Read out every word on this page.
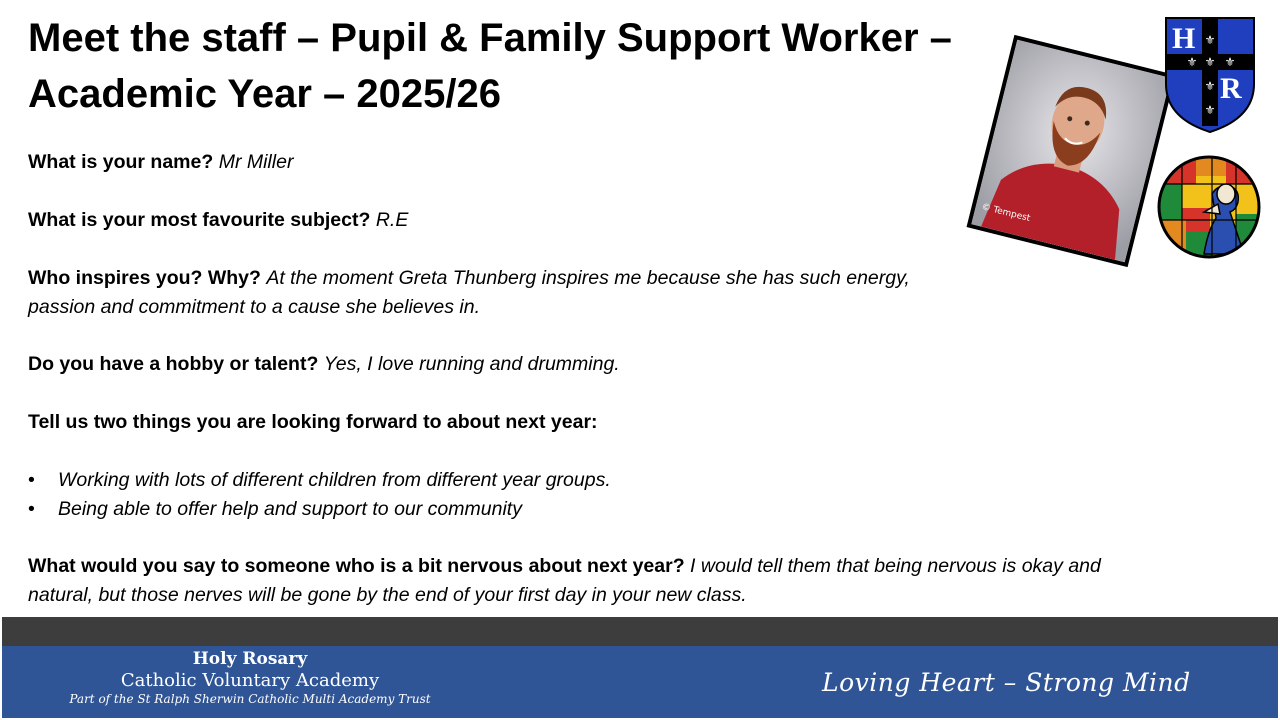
Meet the staff – Pupil & Family Support Worker –
Academic Year – 2025/26

What is your name? Mr Miller

What is your most favourite subject? R.E

Who inspires you? Why? At the moment Greta Thunberg inspires me because she has such energy,
passion and commitment to a cause she believes in.

Do you have a hobby or talent? Yes, I love running and drumming.

Tell us two things you are looking forward to about next year:

• Working with lots of different children from different year groups.
• Being able to offer help and support to our community

What would you say to someone who is a bit nervous about next year? I would tell them that being nervous is okay and
natural, but those nerves will be gone by the end of your first day in your new class.

© Tempest
⚜
⚜
⚜ ⚜
⚜
⚜
H
R
Holy Rosary
Catholic Voluntary Academy
Part of the St Ralph Sherwin Catholic Multi Academy Trust
Loving Heart – Strong Mind
